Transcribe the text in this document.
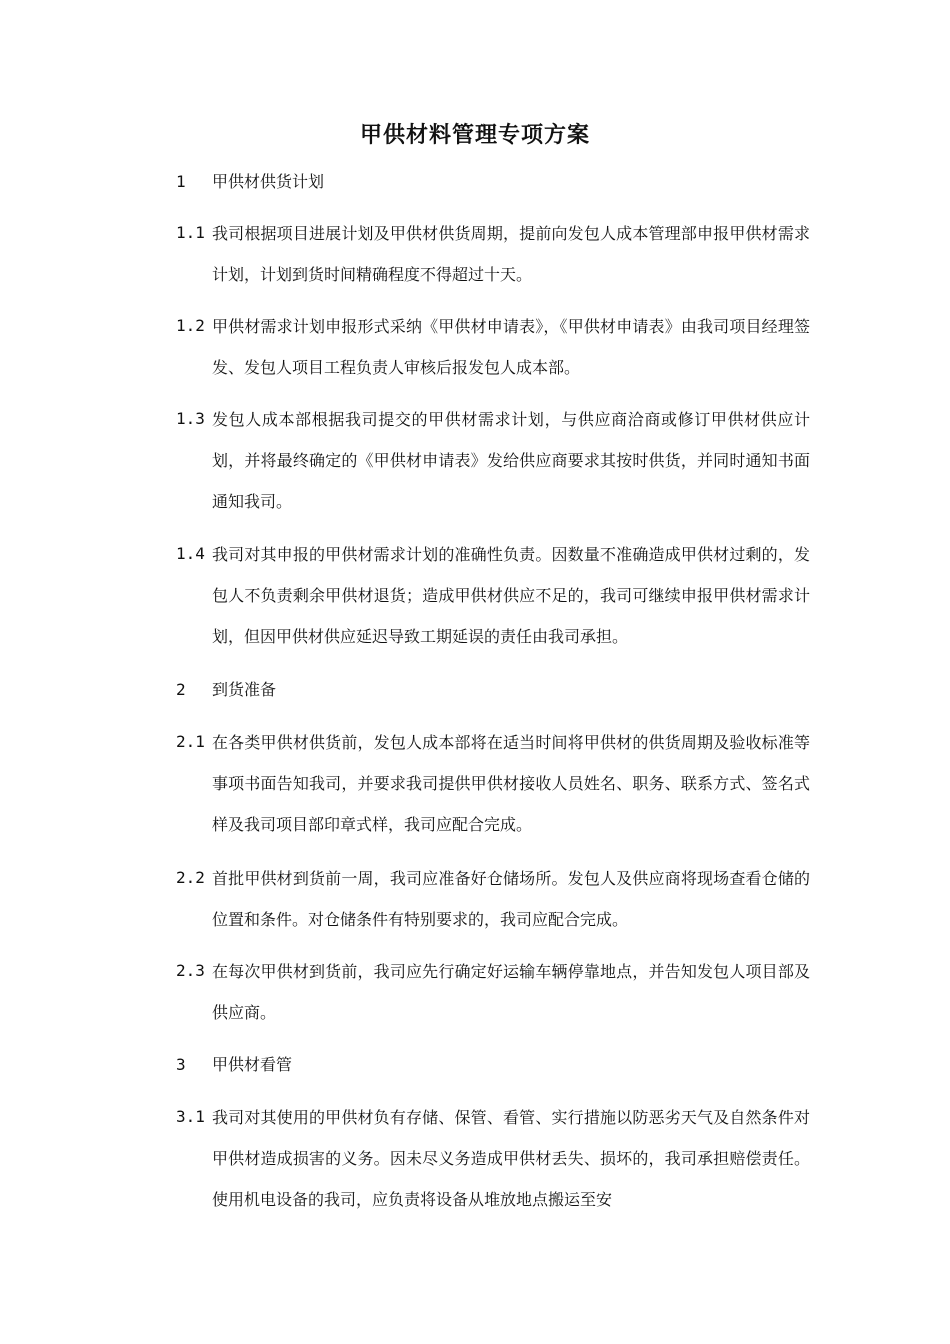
甲供材料管理专项方案
1	甲供材供货计划
1.1 我司根据项目进展计划及甲供材供货周期，提前向发包人成本管理部申报甲供材需求计划，计划到货时间精确程度不得超过十天。
1.2 甲供材需求计划申报形式采纳《甲供材申请表》，《甲供材申请表》由我司项目经理签发、发包人项目工程负责人审核后报发包人成本部。
1.3 发包人成本部根据我司提交的甲供材需求计划，与供应商洽商或修订甲供材供应计划，并将最终确定的《甲供材申请表》发给供应商要求其按时供货，并同时通知书面通知我司。
1.4 我司对其申报的甲供材需求计划的准确性负责。因数量不准确造成甲供材过剩的，发包人不负责剩余甲供材退货；造成甲供材供应不足的，我司可继续申报甲供材需求计划，但因甲供材供应延迟导致工期延误的责任由我司承担。
2	到货准备
2.1 在各类甲供材供货前，发包人成本部将在适当时间将甲供材的供货周期及验收标准等事项书面告知我司，并要求我司提供甲供材接收人员姓名、职务、联系方式、签名式样及我司项目部印章式样，我司应配合完成。
2.2 首批甲供材到货前一周，我司应准备好仓储场所。发包人及供应商将现场查看仓储的位置和条件。对仓储条件有特别要求的，我司应配合完成。
2.3 在每次甲供材到货前，我司应先行确定好运输车辆停靠地点，并告知发包人项目部及供应商。
3	甲供材看管
3.1 我司对其使用的甲供材负有存储、保管、看管、实行措施以防恶劣天气及自然条件对甲供材造成损害的义务。因未尽义务造成甲供材丢失、损坏的，我司承担赔偿责任。使用机电设备的我司，应负责将设备从堆放地点搬运至安
